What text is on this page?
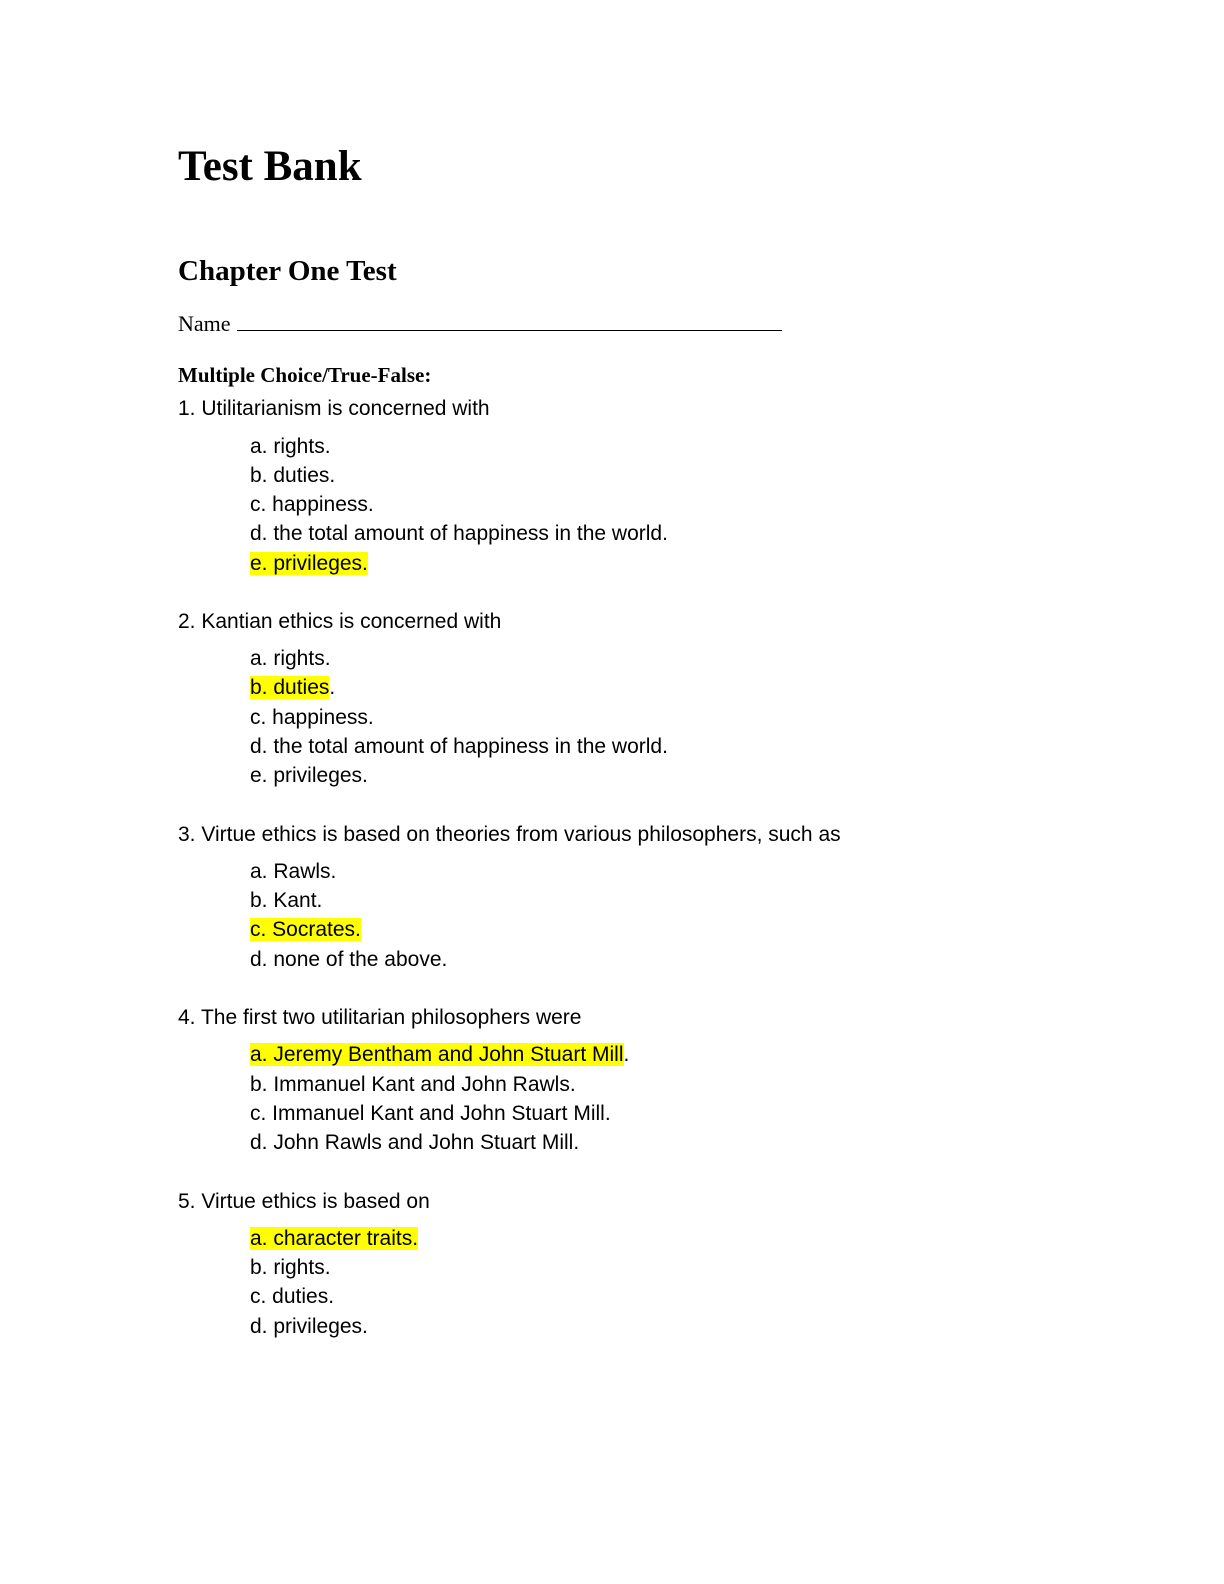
Test Bank
Chapter One Test
Name
Multiple Choice/True-False:
1. Utilitarianism is concerned with
a. rights.
b. duties.
c. happiness.
d. the total amount of happiness in the world.
e. privileges.
2. Kantian ethics is concerned with
a. rights.
b. duties.
c. happiness.
d. the total amount of happiness in the world.
e. privileges.
3. Virtue ethics is based on theories from various philosophers, such as
a. Rawls.
b. Kant.
c. Socrates.
d. none of the above.
4. The first two utilitarian philosophers were
a. Jeremy Bentham and John Stuart Mill.
b. Immanuel Kant and John Rawls.
c. Immanuel Kant and John Stuart Mill.
d. John Rawls and John Stuart Mill.
5. Virtue ethics is based on
a. character traits.
b. rights.
c. duties.
d. privileges.
